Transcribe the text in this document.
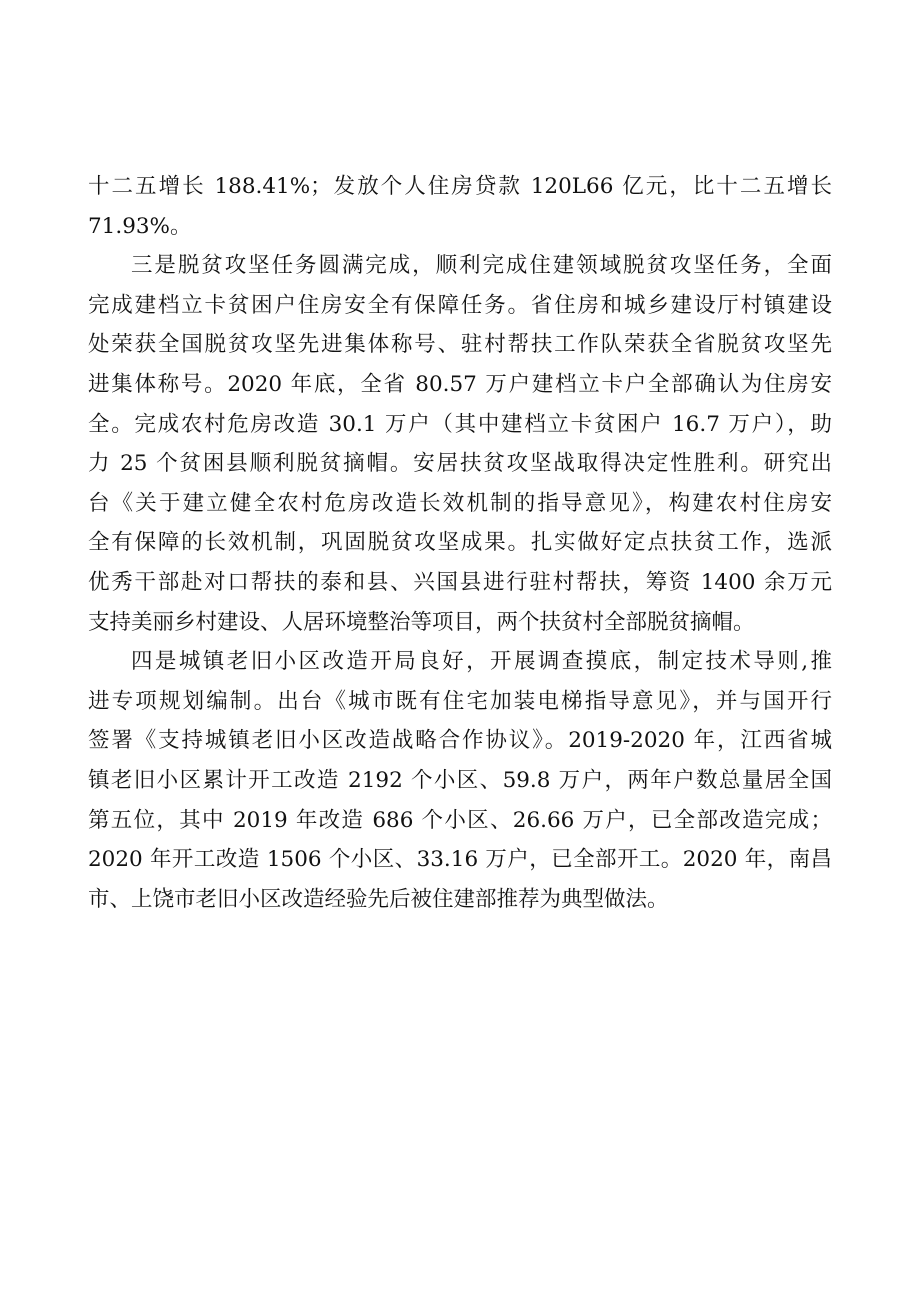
十二五增长 188.41%；发放个人住房贷款 120L66 亿元，比十二五增长
71.93%。

三是脱贫攻坚任务圆满完成，顺利完成住建领域脱贫攻坚任务，全面
完成建档立卡贫困户住房安全有保障任务。省住房和城乡建设厅村镇建设
处荣获全国脱贫攻坚先进集体称号、驻村帮扶工作队荣获全省脱贫攻坚先
进集体称号。2020 年底，全省 80.57 万户建档立卡户全部确认为住房安
全。完成农村危房改造 30.1 万户（其中建档立卡贫困户 16.7 万户），助
力 25 个贫困县顺利脱贫摘帽。安居扶贫攻坚战取得决定性胜利。研究出
台《关于建立健全农村危房改造长效机制的指导意见》，构建农村住房安
全有保障的长效机制，巩固脱贫攻坚成果。扎实做好定点扶贫工作，选派
优秀干部赴对口帮扶的泰和县、兴国县进行驻村帮扶，筹资 1400 余万元
支持美丽乡村建设、人居环境整治等项目，两个扶贫村全部脱贫摘帽。

四是城镇老旧小区改造开局良好，开展调查摸底，制定技术导则,推
进专项规划编制。出台《城市既有住宅加装电梯指导意见》，并与国开行
签署《支持城镇老旧小区改造战略合作协议》。2019-2020 年，江西省城
镇老旧小区累计开工改造 2192 个小区、59.8 万户，两年户数总量居全国
第五位，其中 2019 年改造 686 个小区、26.66 万户，已全部改造完成；
2020 年开工改造 1506 个小区、33.16 万户，已全部开工。2020 年，南昌
市、上饶市老旧小区改造经验先后被住建部推荐为典型做法。
